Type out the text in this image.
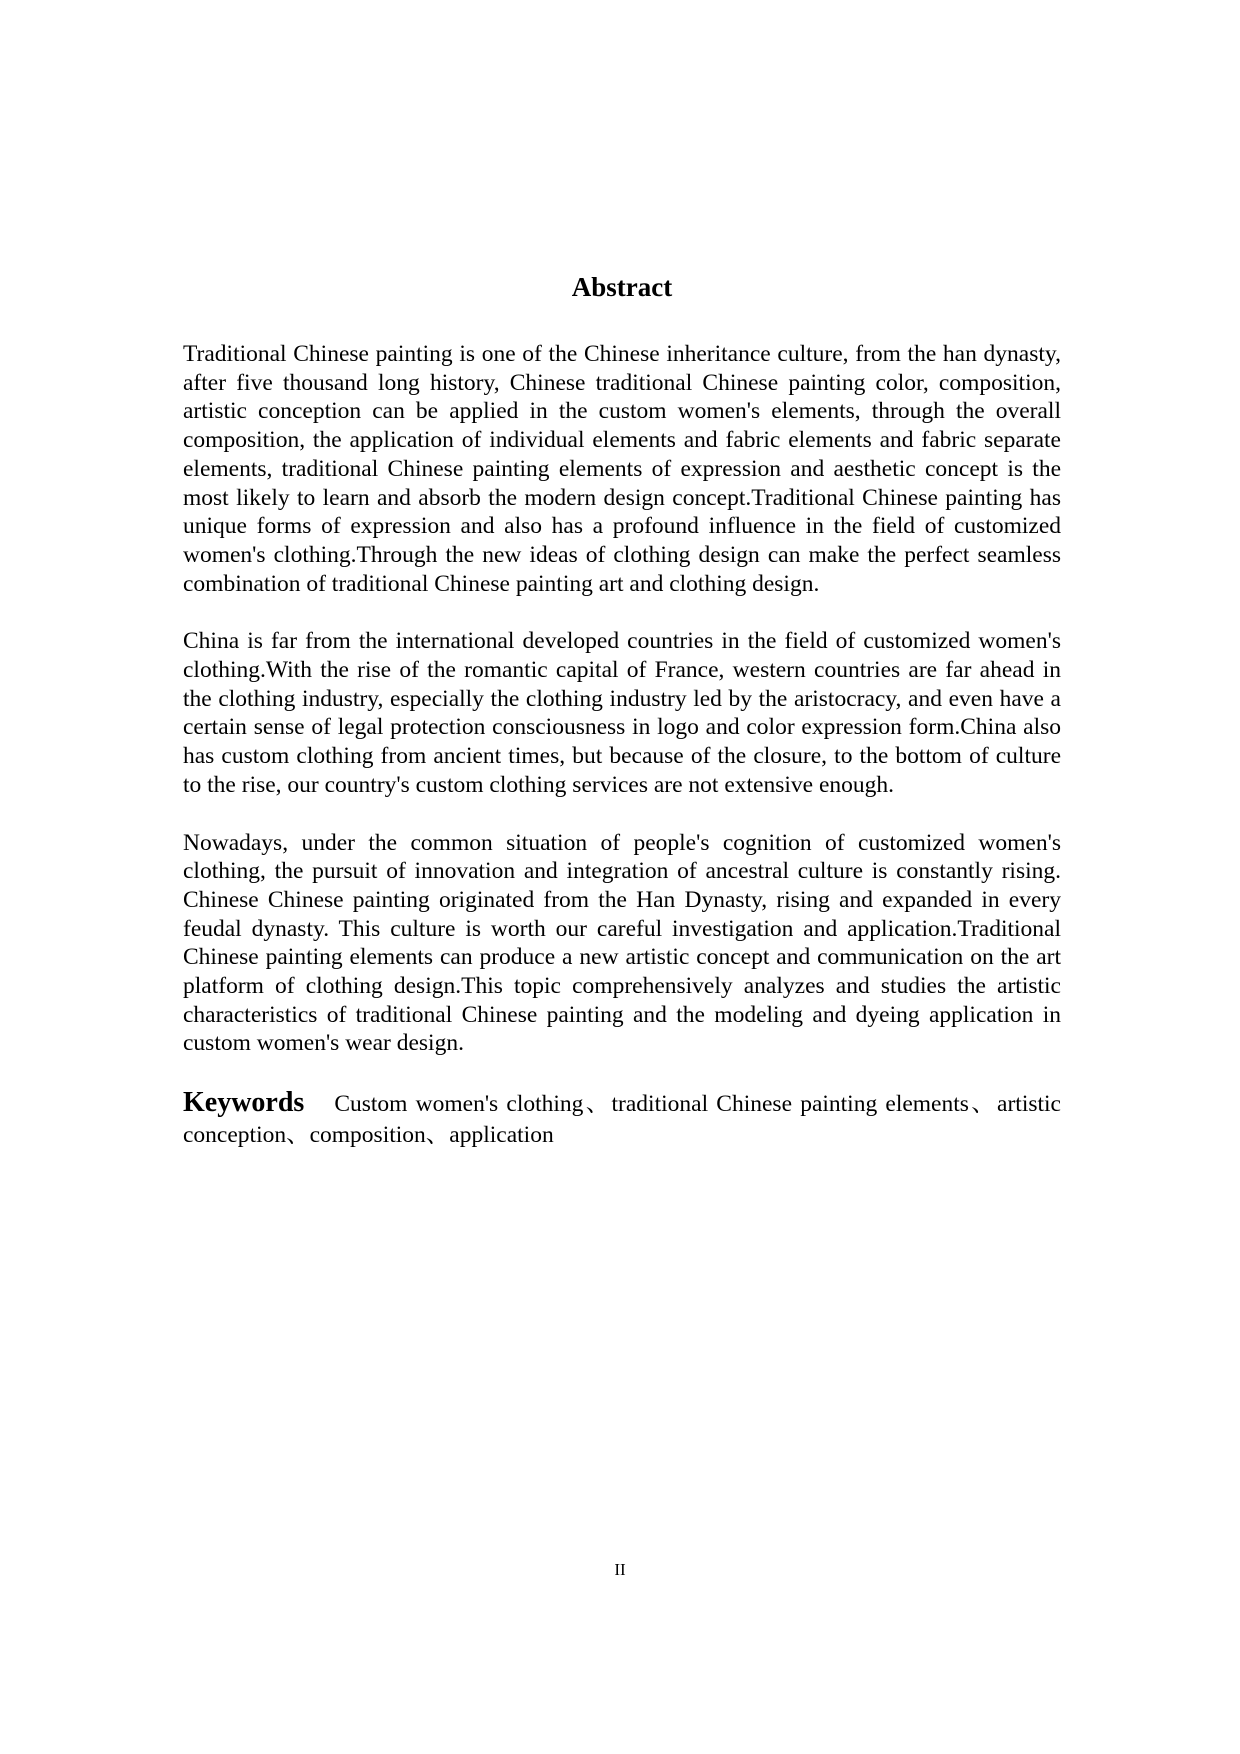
Abstract

Traditional Chinese painting is one of the Chinese inheritance culture, from the han dynasty, after five thousand long history, Chinese traditional Chinese painting color, composition, artistic conception can be applied in the custom women's elements, through the overall composition, the application of individual elements and fabric elements and fabric separate elements, traditional Chinese painting elements of expression and aesthetic concept is the most likely to learn and absorb the modern design concept.Traditional Chinese painting has unique forms of expression and also has a profound influence in the field of customized women's clothing.Through the new ideas of clothing design can make the perfect seamless combination of traditional Chinese painting art and clothing design.

China is far from the international developed countries in the field of customized women's clothing.With the rise of the romantic capital of France, western countries are far ahead in the clothing industry, especially the clothing industry led by the aristocracy, and even have a certain sense of legal protection consciousness in logo and color expression form.China also has custom clothing from ancient times, but because of the closure, to the bottom of culture to the rise, our country's custom clothing services are not extensive enough.

Nowadays, under the common situation of people's cognition of customized women's clothing, the pursuit of innovation and integration of ancestral culture is constantly rising. Chinese Chinese painting originated from the Han Dynasty, rising and expanded in every feudal dynasty. This culture is worth our careful investigation and application.Traditional Chinese painting elements can produce a new artistic concept and communication on the art platform of clothing design.This topic comprehensively analyzes and studies the artistic characteristics of traditional Chinese painting and the modeling and dyeing application in custom women's wear design.

Keywords Custom women's clothing、traditional Chinese painting elements、artistic conception、composition、application

II
